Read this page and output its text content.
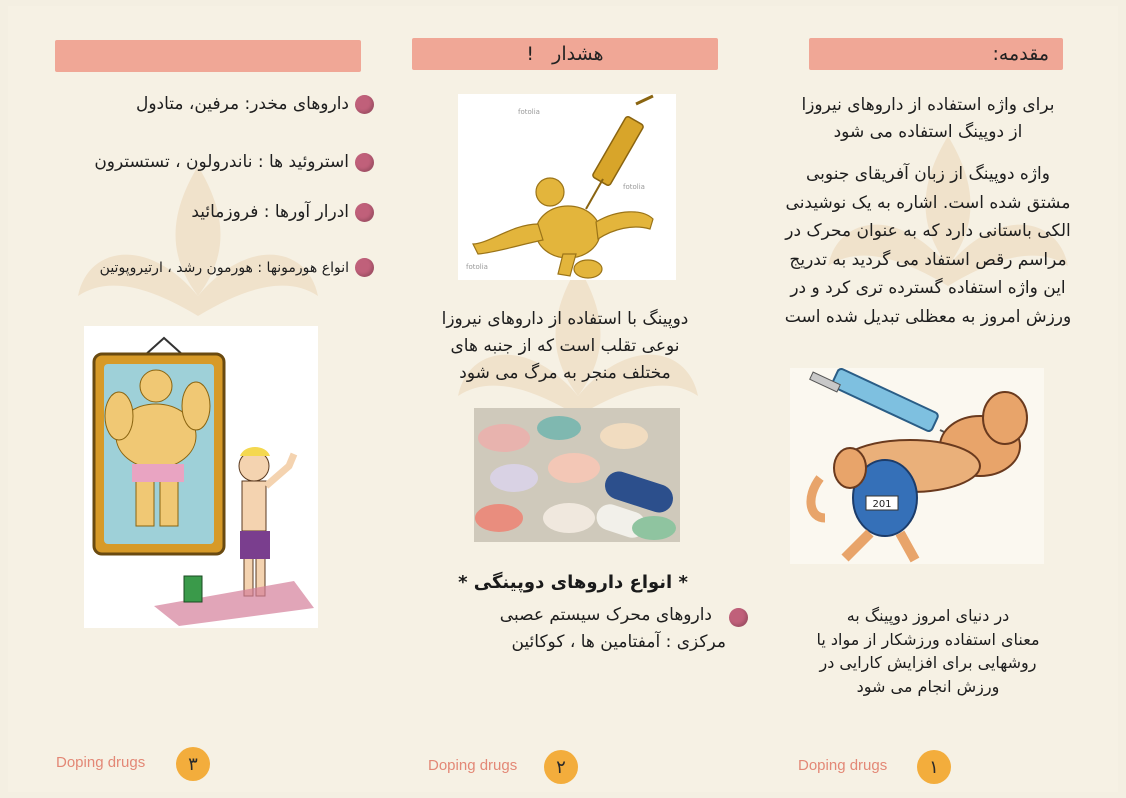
مقدمه:
برای واژه استفاده از داروهای نیروزا
از دوپینگ استفاده می شود
واژه دوپینگ از زبان آفریقای جنوبی
مشتق شده است. اشاره به یک نوشیدنی
الکی باستانی دارد که به عنوان محرک در
مراسم رقص استفاد می گردید به تدریج
این واژه استفاده گسترده تری کرد و در
ورزش امروز به معظلی تبدیل شده است
201
در دنیای امروز دوپینگ به
معنای استفاده ورزشکار از مواد یا
روشهایی برای افزایش کارایی در
ورزش انجام می شود
Doping drugs	۱
هشدار   !
fotolia
fotolia
fotolia
دوپینگ با استفاده از داروهای نیروزا
نوعی تقلب است که از جنبه های
مختلف منجر به مرگ می شود
* انواع داروهای دوپینگی *
داروهای محرک سیستم عصبی
مرکزی : آمفتامین ها ، کوکائین
Doping drugs	۲
داروهای مخدر: مرفین، متادول
استروئید ها : ناندرولون ، تستسترون
ادرار آورها : فروزمائید
انواع هورمونها : هورمون رشد ، ارتیروپوتین
Doping drugs	۳
